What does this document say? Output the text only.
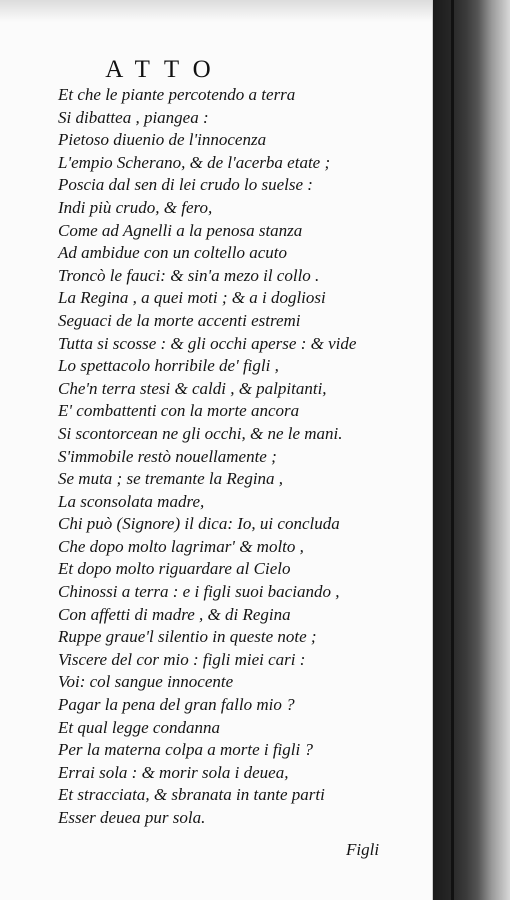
ATTO
Et che le piante percotendo a terra
Si dibattea , piangea :
Pietoso diuenio de l'innocenza
L'empio Scherano, & de l'acerba etate ;
Poscia dal sen di lei crudo lo suelse :
Indi più crudo, & fero,
Come ad Agnelli a la penosa stanza
Ad ambidue con un coltello acuto
Troncò le fauci: & sin'a mezo il collo .
La Regina , a quei moti ; & a i dogliosi
Seguaci de la morte accenti estremi
Tutta si scosse : & gli occhi aperse : & vide
Lo spettacolo horribile de' figli ,
Che'n terra stesi & caldi , & palpitanti,
E' combattenti con la morte ancora
Si scontorcean ne gli occhi, & ne le mani.
S'immobile restò nouellamente ;
Se muta ; se tremante la Regina ,
La sconsolata madre,
Chi può (Signore) il dica: Io, ui concluda
Che dopo molto lagrimar' & molto ,
Et dopo molto riguardare al Cielo
Chinossi a terra : e i figli suoi baciando ,
Con affetti di madre , & di Regina
Ruppe graue'l silentio in queste note ;
Viscere del cor mio : figli miei cari :
Voi: col sangue innocente
Pagar la pena del gran fallo mio ?
Et qual legge condanna
Per la materna colpa a morte i figli ?
Errai sola : & morir sola i deuea,
Et stracciata, & sbranata in tante parti
Esser deuea pur sola.
Figli
